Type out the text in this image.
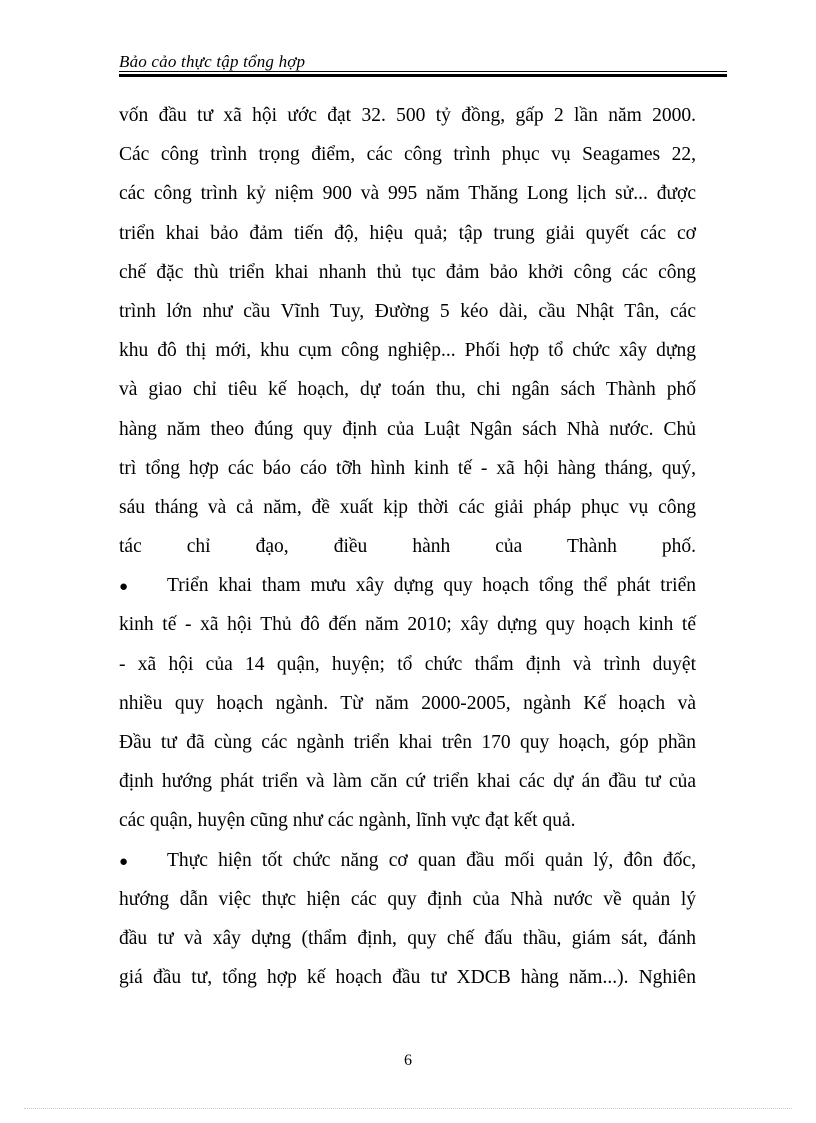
Bảo cảo thực tập tổng hợp
vốn đầu tư xã hội ước đạt 32. 500 tỷ đồng, gấp 2 lần năm 2000.
Các công trình trọng điểm, các công trình phục vụ Seagames 22,
các công trình kỷ niệm 900 và 995 năm Thăng Long lịch sử... được
triển khai bảo đảm tiến độ, hiệu quả; tập trung giải quyết các cơ
chế đặc thù triển khai nhanh thủ tục đảm bảo khởi công các công
trình lớn như cầu Vĩnh Tuy, Đường 5 kéo dài, cầu Nhật Tân, các
khu đô thị mới, khu cụm công nghiệp... Phối hợp tổ chức xây dựng
và giao chỉ tiêu kế hoạch, dự toán thu, chi ngân sách Thành phố
hàng năm theo đúng quy định của Luật Ngân sách Nhà nước. Chủ
trì tổng hợp các báo cáo tỡh hình kinh tế - xã hội hàng tháng, quý,
sáu tháng và cả năm, đề xuất kịp thời các giải pháp phục vụ công
tác chỉ đạo, điều hành của Thành phố.
● Triển khai tham mưu xây dựng quy hoạch tổng thể phát triển
kinh tế - xã hội Thủ đô đến năm 2010; xây dựng quy hoạch kinh tế
- xã hội của 14 quận, huyện; tổ chức thẩm định và trình duyệt
nhiều quy hoạch ngành. Từ năm 2000-2005, ngành Kế hoạch và
Đầu tư đã cùng các ngành triển khai trên 170 quy hoạch, góp phần
định hướng phát triển và làm căn cứ triển khai các dự án đầu tư của
các quận, huyện cũng như các ngành, lĩnh vực đạt kết quả.
● Thực hiện tốt chức năng cơ quan đầu mối quản lý, đôn đốc,
hướng dẫn việc thực hiện các quy định của Nhà nước về quản lý
đầu tư và xây dựng (thẩm định, quy chế đấu thầu, giám sát, đánh
giá đầu tư, tổng hợp kế hoạch đầu tư XDCB hàng năm...). Nghiên
6
